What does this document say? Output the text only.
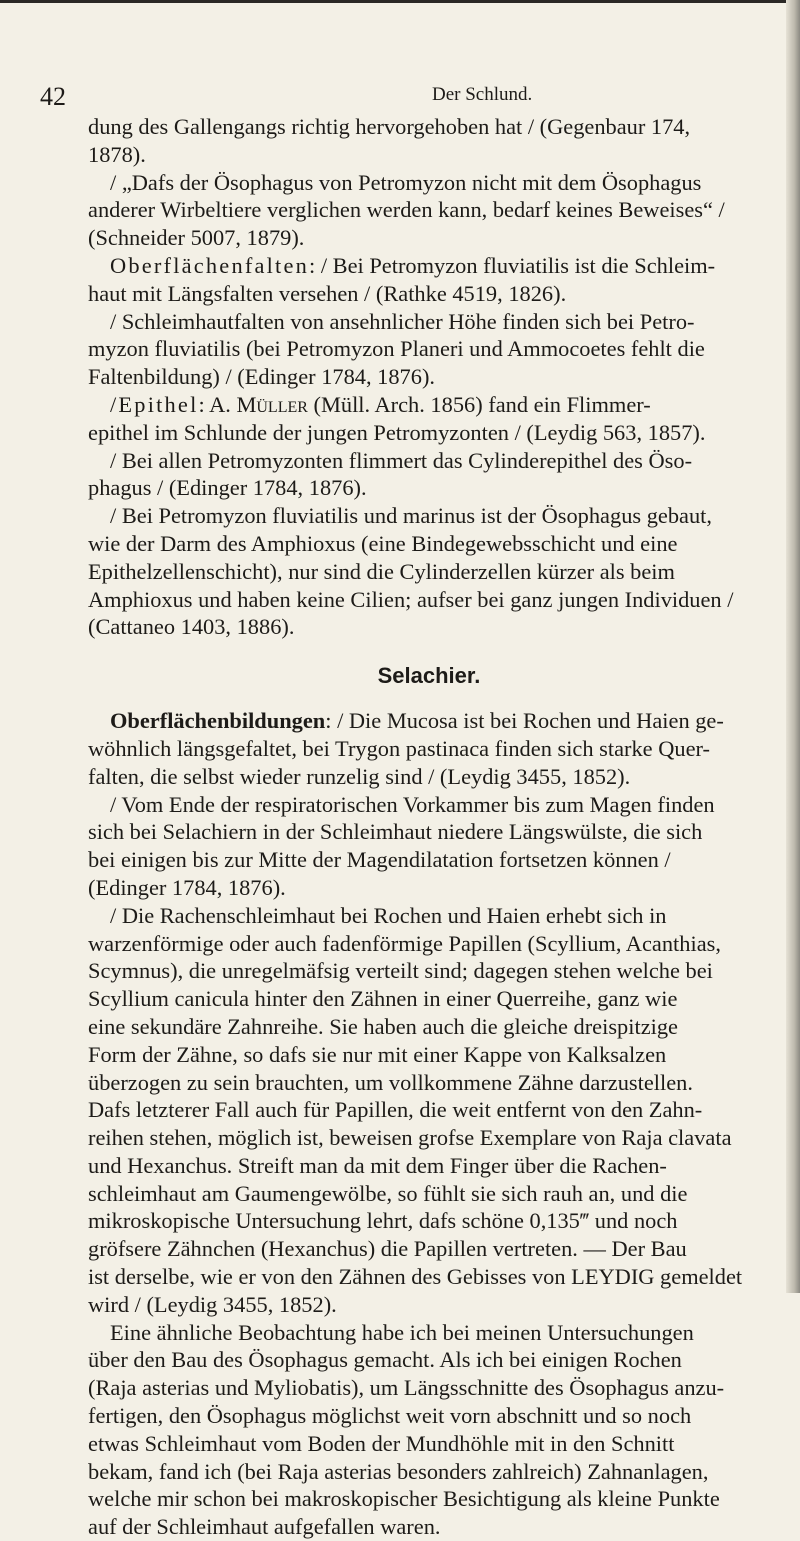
42	Der Schlund.

dung des Gallengangs richtig hervorgehoben hat / (Gegenbaur 174,
1878).

/ „Dafs der Ösophagus von Petromyzon nicht mit dem Ösophagus
anderer Wirbeltiere verglichen werden kann, bedarf keines Beweises“ /
(Schneider 5007, 1879).

Oberflächenfalten: / Bei Petromyzon fluviatilis ist die Schleim-
haut mit Längsfalten versehen / (Rathke 4519, 1826).

/ Schleimhautfalten von ansehnlicher Höhe finden sich bei Petro-
myzon fluviatilis (bei Petromyzon Planeri und Ammocoetes fehlt die
Faltenbildung) / (Edinger 1784, 1876).

/Epithel: A. Müller (Müll. Arch. 1856) fand ein Flimmer-
epithel im Schlunde der jungen Petromyzonten / (Leydig 563, 1857).

/ Bei allen Petromyzonten flimmert das Cylinderepithel des Öso-
phagus / (Edinger 1784, 1876).

/ Bei Petromyzon fluviatilis und marinus ist der Ösophagus gebaut,
wie der Darm des Amphioxus (eine Bindegewebsschicht und eine
Epithelzellenschicht), nur sind die Cylinderzellen kürzer als beim
Amphioxus und haben keine Cilien; aufser bei ganz jungen Individuen /
(Cattaneo 1403, 1886).

Selachier.

Oberflächenbildungen: / Die Mucosa ist bei Rochen und Haien ge-
wöhnlich längsgefaltet, bei Trygon pastinaca finden sich starke Quer-
falten, die selbst wieder runzelig sind / (Leydig 3455, 1852).

/ Vom Ende der respiratorischen Vorkammer bis zum Magen finden
sich bei Selachiern in der Schleimhaut niedere Längswülste, die sich
bei einigen bis zur Mitte der Magendilatation fortsetzen können /
(Edinger 1784, 1876).

/ Die Rachenschleimhaut bei Rochen und Haien erhebt sich in
warzenförmige oder auch fadenförmige Papillen (Scyllium, Acanthias,
Scymnus), die unregelmäfsig verteilt sind; dagegen stehen welche bei
Scyllium canicula hinter den Zähnen in einer Querreihe, ganz wie
eine sekundäre Zahnreihe. Sie haben auch die gleiche dreispitzige
Form der Zähne, so dafs sie nur mit einer Kappe von Kalksalzen
überzogen zu sein brauchten, um vollkommene Zähne darzustellen.
Dafs letzterer Fall auch für Papillen, die weit entfernt von den Zahn-
reihen stehen, möglich ist, beweisen grofse Exemplare von Raja clavata
und Hexanchus. Streift man da mit dem Finger über die Rachen-
schleimhaut am Gaumengewölbe, so fühlt sie sich rauh an, und die
mikroskopische Untersuchung lehrt, dafs schöne 0,135‴ und noch
gröfsere Zähnchen (Hexanchus) die Papillen vertreten. — Der Bau
ist derselbe, wie er von den Zähnen des Gebisses von LEYDIG gemeldet
wird / (Leydig 3455, 1852).

Eine ähnliche Beobachtung habe ich bei meinen Untersuchungen
über den Bau des Ösophagus gemacht. Als ich bei einigen Rochen
(Raja asterias und Myliobatis), um Längsschnitte des Ösophagus anzu-
fertigen, den Ösophagus möglichst weit vorn abschnitt und so noch
etwas Schleimhaut vom Boden der Mundhöhle mit in den Schnitt
bekam, fand ich (bei Raja asterias besonders zahlreich) Zahnanlagen,
welche mir schon bei makroskopischer Besichtigung als kleine Punkte
auf der Schleimhaut aufgefallen waren.
